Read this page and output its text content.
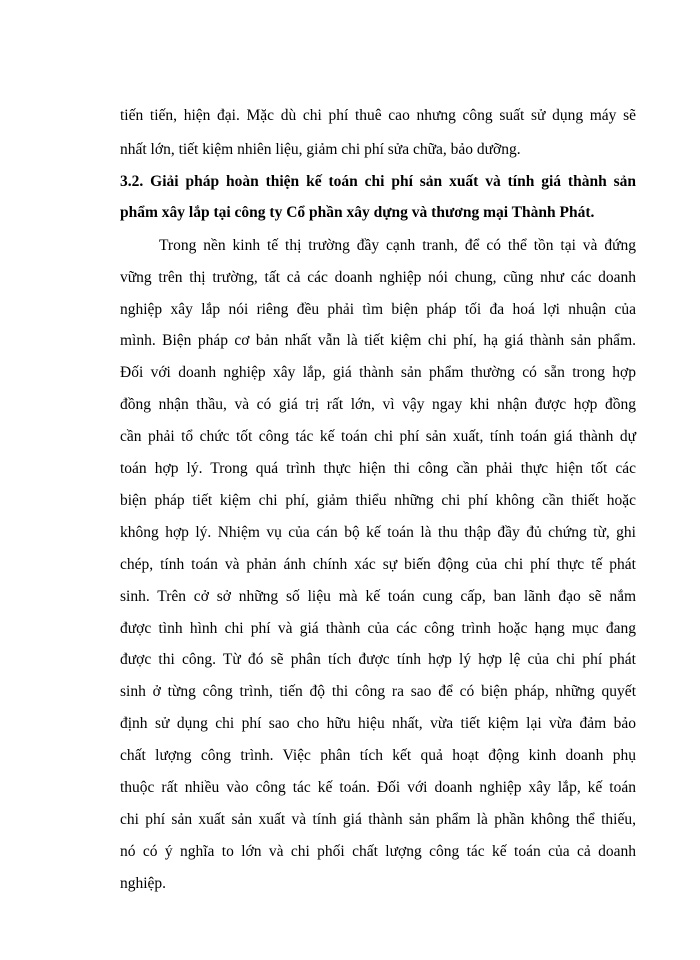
tiến tiến, hiện đại. Mặc dù chi phí thuê cao nhưng công suất sử dụng máy sẽ
nhất lớn, tiết kiệm nhiên liệu, giảm chi phí sửa chữa, bảo dưỡng.
3.2. Giải pháp hoàn thiện kế toán chi phí sản xuất và tính giá thành sản
phẩm xây lắp tại công ty Cổ phần xây dựng và thương mại Thành Phát.
Trong nền kinh tế thị trường đầy cạnh tranh, để có thể tồn tại và đứng
vững trên thị trường, tất cả các doanh nghiệp nói chung, cũng như các doanh
nghiệp xây lắp nói riêng đều phải tìm biện pháp tối đa hoá lợi nhuận của
mình. Biện pháp cơ bản nhất vẫn là tiết kiệm chi phí, hạ giá thành sản phẩm.
Đối với doanh nghiệp xây lắp, giá thành sản phẩm thường có sẵn trong hợp
đồng nhận thầu, và có giá trị rất lớn, vì vậy ngay khi nhận được hợp đồng
cần phải tổ chức tốt công tác kế toán chi phí sản xuất, tính toán giá thành dự
toán hợp lý. Trong quá trình thực hiện thi công cần phải thực hiện tốt các
biện pháp tiết kiệm chi phí, giảm thiểu những chi phí không cần thiết hoặc
không hợp lý. Nhiệm vụ của cán bộ kế toán là thu thập đầy đủ chứng từ, ghi
chép, tính toán và phản ánh chính xác sự biến động của chi phí thực tế phát
sinh. Trên cở sở những số liệu mà kế toán cung cấp, ban lãnh đạo sẽ nắm
được tình hình chi phí và giá thành của các công trình hoặc hạng mục đang
được thi công. Từ đó sẽ phân tích được tính hợp lý hợp lệ của chi phí phát
sinh ở từng công trình, tiến độ thi công ra sao để có biện pháp, những quyết
định sử dụng chi phí sao cho hữu hiệu nhất, vừa tiết kiệm lại vừa đảm bảo
chất lượng công trình. Việc phân tích kết quả hoạt động kinh doanh phụ
thuộc rất nhiều vào công tác kế toán. Đối với doanh nghiệp xây lắp, kế toán
chi phí sản xuất sản xuất và tính giá thành sản phẩm là phần không thể thiếu,
nó có ý nghĩa to lớn và chi phối chất lượng công tác kế toán của cả doanh
nghiệp.
